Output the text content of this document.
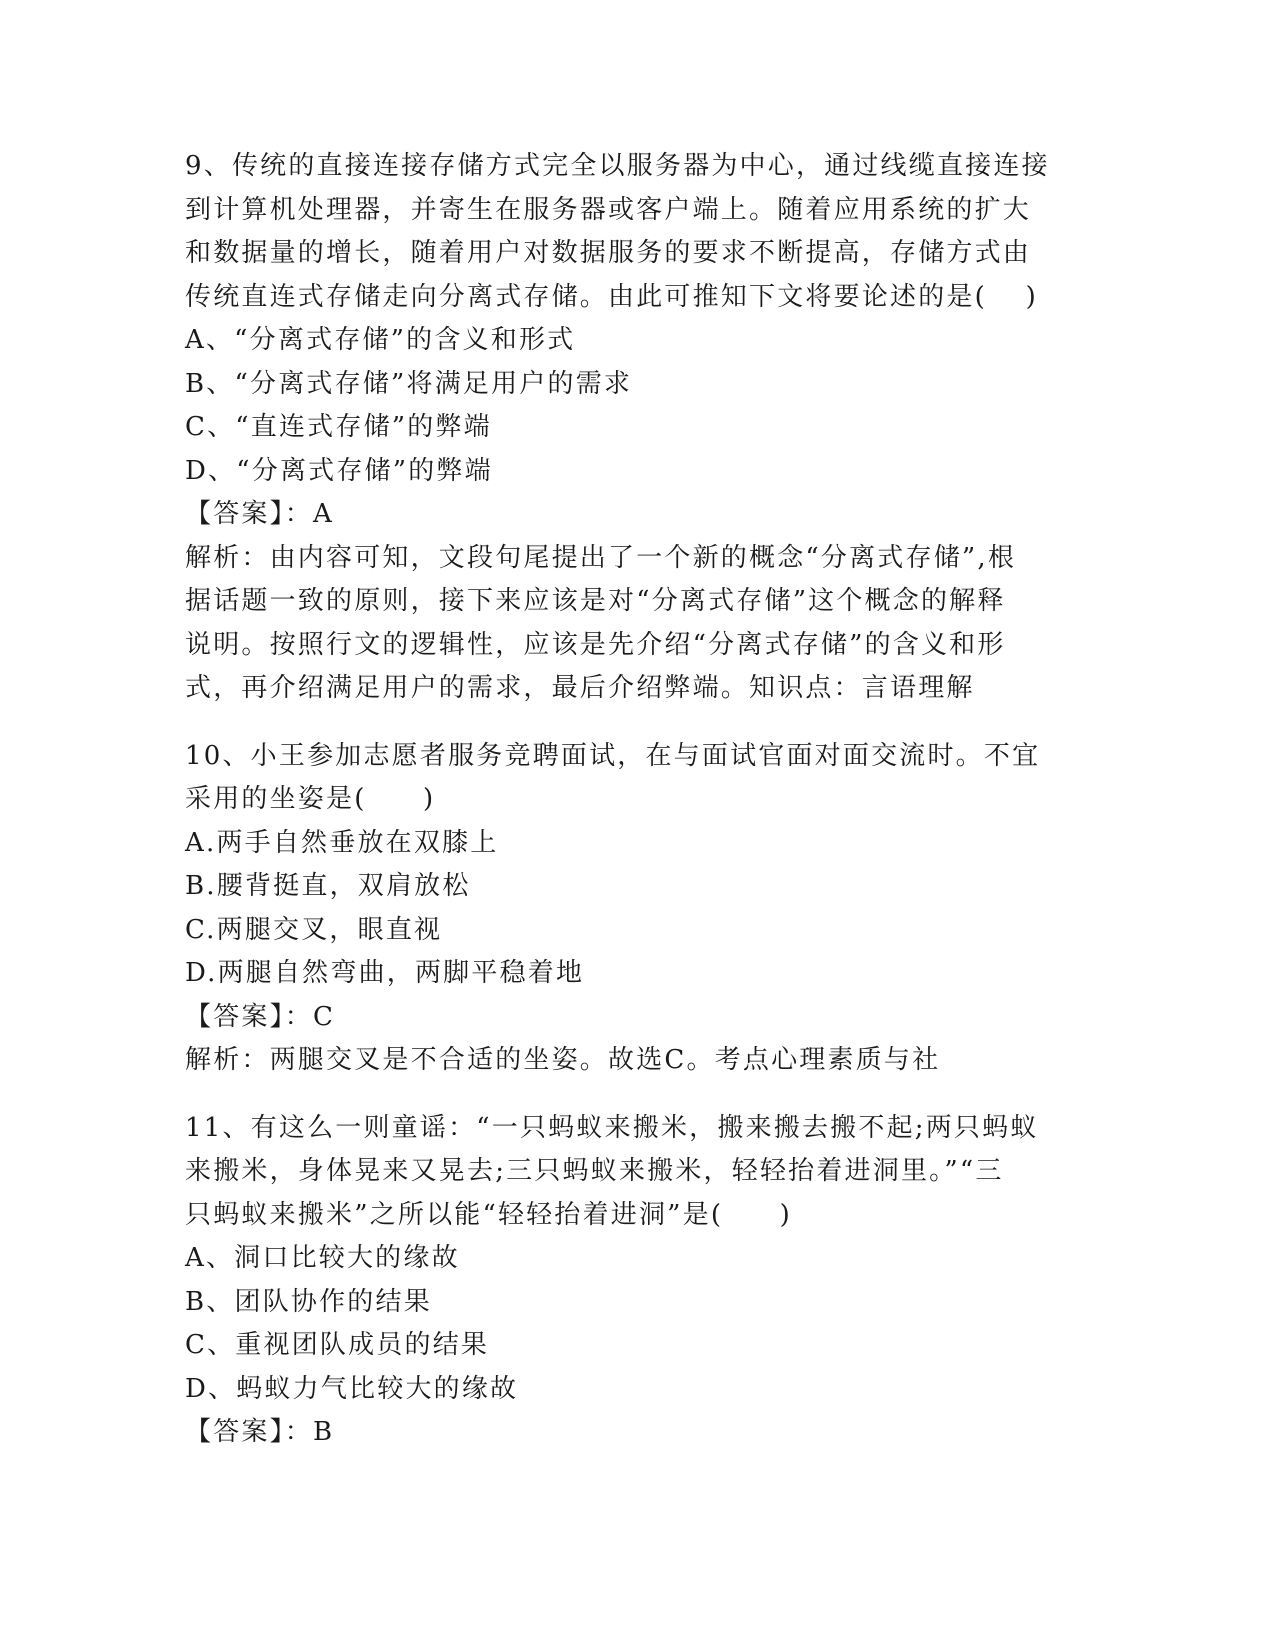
9、传统的直接连接存储方式完全以服务器为中心，通过线缆直接连接

到计算机处理器，并寄生在服务器或客户端上。随着应用系统的扩大

和数据量的增长，随着用户对数据服务的要求不断提高，存储方式由

传统直连式存储走向分离式存储。由此可推知下文将要论述的是(　 )

A、“分离式存储”的含义和形式

B、“分离式存储”将满足用户的需求

C、“直连式存储”的弊端

D、“分离式存储”的弊端

【答案】：A

解析：由内容可知，文段句尾提出了一个新的概念“分离式存储”,根

据话题一致的原则，接下来应该是对“分离式存储”这个概念的解释

说明。按照行文的逻辑性，应该是先介绍“分离式存储”的含义和形

式，再介绍满足用户的需求，最后介绍弊端。知识点：言语理解

10、小王参加志愿者服务竞聘面试，在与面试官面对面交流时。不宜

采用的坐姿是(　　)

A.两手自然垂放在双膝上

B.腰背挺直，双肩放松

C.两腿交叉，眼直视

D.两腿自然弯曲，两脚平稳着地

【答案】：C

解析：两腿交叉是不合适的坐姿。故选C。考点心理素质与社

11、有这么一则童谣：“一只蚂蚁来搬米，搬来搬去搬不起;两只蚂蚁

来搬米，身体晃来又晃去;三只蚂蚁来搬米，轻轻抬着进洞里。”“三

只蚂蚁来搬米”之所以能“轻轻抬着进洞”是(　　)

A、洞口比较大的缘故

B、团队协作的结果

C、重视团队成员的结果

D、蚂蚁力气比较大的缘故

【答案】：B
